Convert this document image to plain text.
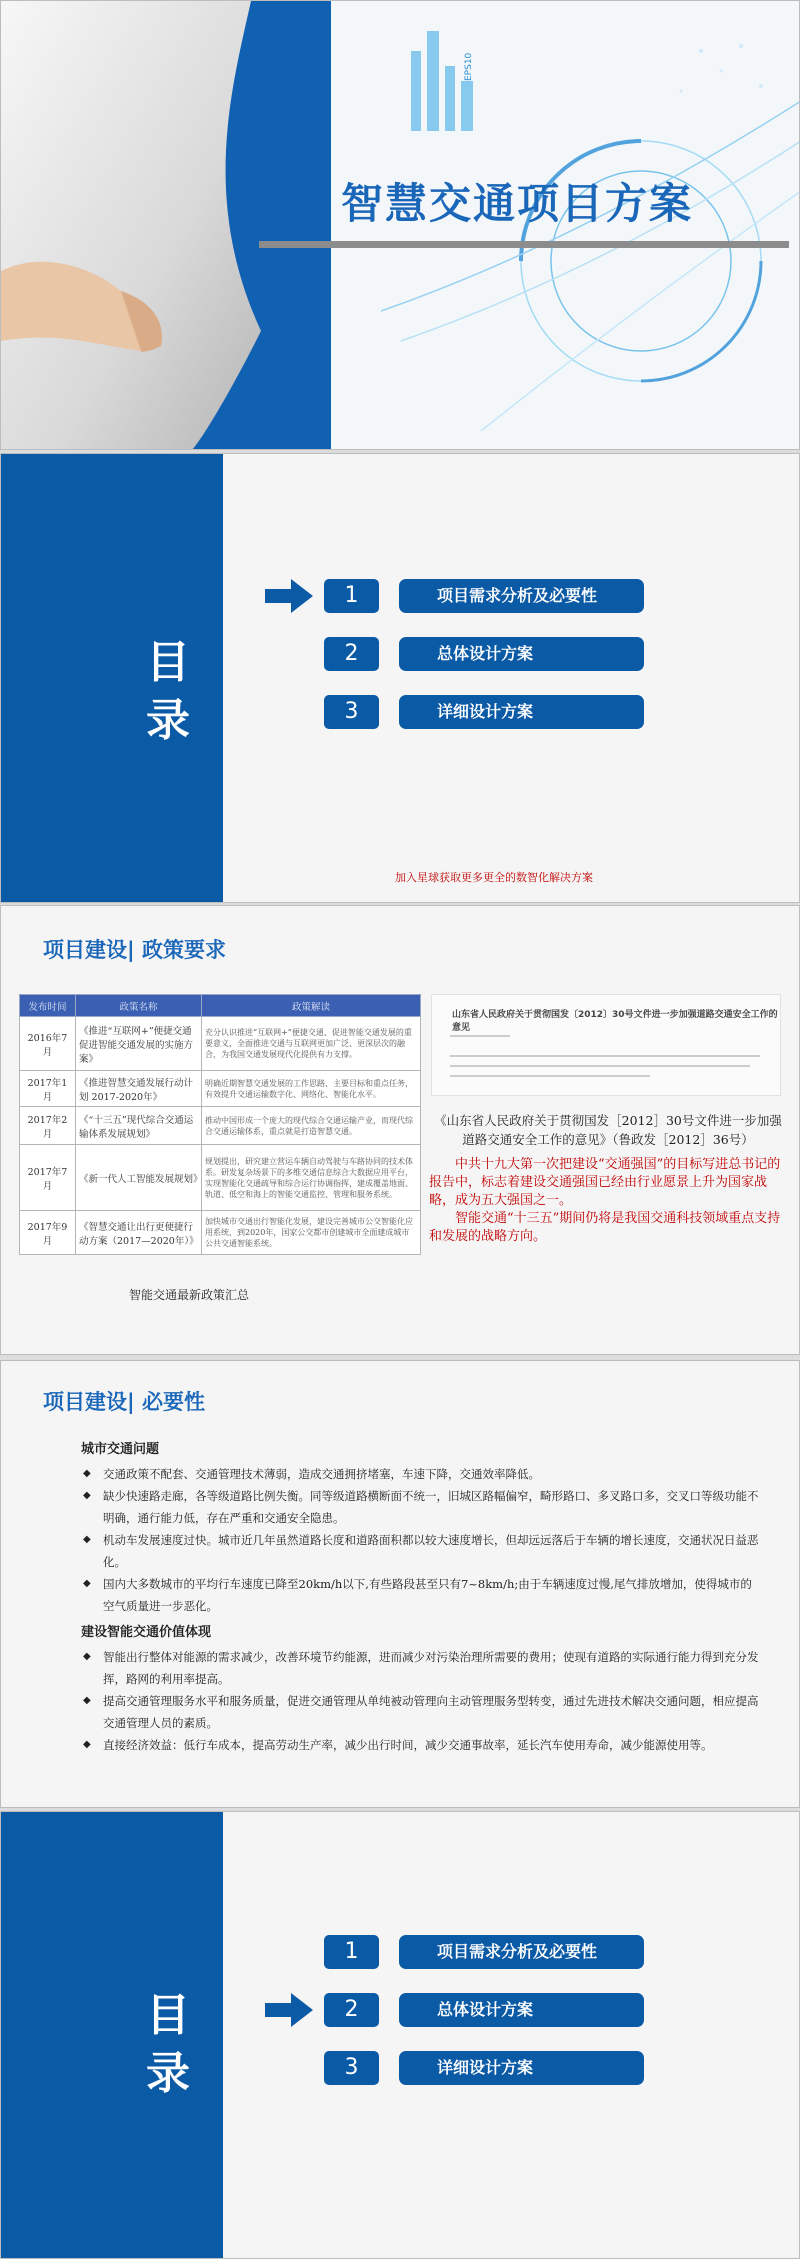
EPS10
智慧交通项目方案
目录
1	项目需求分析及必要性
2	总体设计方案
3	详细设计方案
加入星球获取更多更全的数智化解决方案
项目建设| 政策要求
发布时间	政策名称	政策解读
2016年7月	《推进“互联网+”便捷交通 促进智能交通发展的实施方案》	充分认识推进“互联网+”便捷交通、促进智能交通发展的重要意义，全面推进交通与互联网更加广泛、更深层次的融合，为我国交通发展现代化提供有力支撑。
2017年1月	《推进智慧交通发展行动计划 2017-2020年》	明确近期智慧交通发展的工作思路、主要目标和重点任务，有效提升交通运输数字化、网络化、智能化水平。
2017年2月	《“十三五”现代综合交通运输体系发展规划》	推动中国形成一个庞大的现代综合交通运输产业，而现代综合交通运输体系，重点就是打造智慧交通。
2017年7月	《新一代人工智能发展规划》	规划提出，研究建立营运车辆自动驾驶与车路协同的技术体系。研发复杂场景下的多维交通信息综合大数据应用平台，实现智能化交通疏导和综合运行协调指挥，建成覆盖地面、轨道、低空和海上的智能交通监控、管理和服务系统。
2017年9月	《智慧交通让出行更便捷行动方案（2017—2020年）》	加快城市交通出行智能化发展，建设完善城市公交智能化应用系统，到2020年，国家公交都市创建城市全面建成城市公共交通智能系统。
智能交通最新政策汇总
山东省人民政府关于贯彻国发〔2012〕30号文件进一步加强道路交通安全工作的意见
《山东省人民政府关于贯彻国发［2012］30号文件进一步加强道路交通安全工作的意见》（鲁政发［2012］36号）

中共十九大第一次把建设“交通强国”的目标写进总书记的报告中，标志着建设交通强国已经由行业愿景上升为国家战略，成为五大强国之一。

智能交通“十三五”期间仍将是我国交通科技领域重点支持和发展的战略方向。

项目建设| 必要性
城市交通问题
◆ 交通政策不配套、交通管理技术薄弱，造成交通拥挤堵塞，车速下降，交通效率降低。
◆ 缺少快速路走廊，各等级道路比例失衡。同等级道路横断面不统一，旧城区路幅偏窄，畸形路口、多叉路口多，交叉口等级功能不明确，通行能力低，存在严重和交通安全隐患。
◆ 机动车发展速度过快。城市近几年虽然道路长度和道路面积都以较大速度增长，但却远远落后于车辆的增长速度，交通状况日益恶化。
◆ 国内大多数城市的平均行车速度已降至20km/h以下,有些路段甚至只有7~8km/h;由于车辆速度过慢,尾气排放增加，使得城市的空气质量进一步恶化。
建设智能交通价值体现
◆ 智能出行整体对能源的需求减少，改善环境节约能源，进而减少对污染治理所需要的费用；使现有道路的实际通行能力得到充分发挥，路网的利用率提高。
◆ 提高交通管理服务水平和服务质量，促进交通管理从单纯被动管理向主动管理服务型转变，通过先进技术解决交通问题，相应提高交通管理人员的素质。
◆ 直接经济效益：低行车成本，提高劳动生产率，减少出行时间，减少交通事故率，延长汽车使用寿命，减少能源使用等。
目录
1	项目需求分析及必要性
2	总体设计方案
3	详细设计方案
